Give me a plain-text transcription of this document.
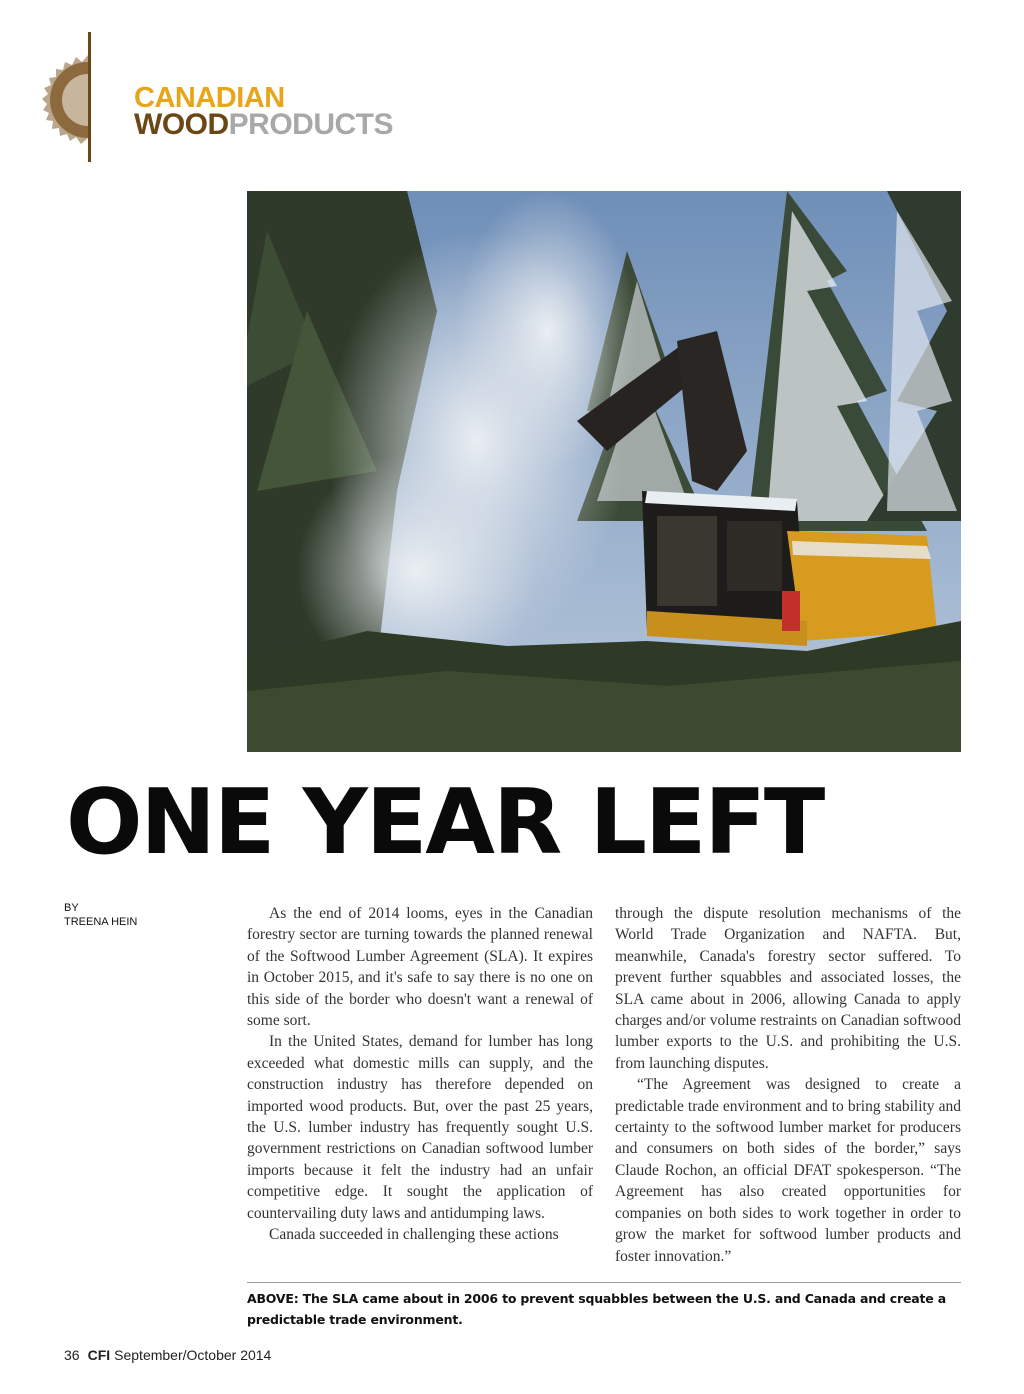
CANADIAN
WOODPRODUCTS
ONE YEAR LEFT
BY
TREENA HEIN	As the end of 2014 looms, eyes in the Canadian forestry sector are turning towards the planned renewal of the Softwood Lumber Agreement (SLA). It expires in October 2015, and it's safe to say there is no one on this side of the border who doesn't want a renewal of some sort.

In the United States, demand for lumber has long exceeded what domestic mills can supply, and the construction industry has therefore depended on imported wood products. But, over the past 25 years, the U.S. lumber industry has frequently sought U.S. government restrictions on Canadian softwood lumber imports because it felt the industry had an unfair competitive edge. It sought the application of countervailing duty laws and antidumping laws.

Canada succeeded in challenging these actions

through the dispute resolution mechanisms of the World Trade Organization and NAFTA. But, meanwhile, Canada's forestry sector suffered. To prevent further squabbles and associated losses, the SLA came about in 2006, allowing Canada to apply charges and/or volume restraints on Canadian softwood lumber exports to the U.S. and prohibiting the U.S. from launching disputes.

“The Agreement was designed to create a predictable trade environment and to bring stability and certainty to the softwood lumber market for producers and consumers on both sides of the border,” says Claude Rochon, an official DFAT spokesperson. “The Agreement has also created opportunities for companies on both sides to work together in order to grow the market for softwood lumber products and foster innovation.”

ABOVE: The SLA came about in 2006 to prevent squabbles between the U.S. and Canada and create a predictable trade environment.
36 CFI September/October 2014
